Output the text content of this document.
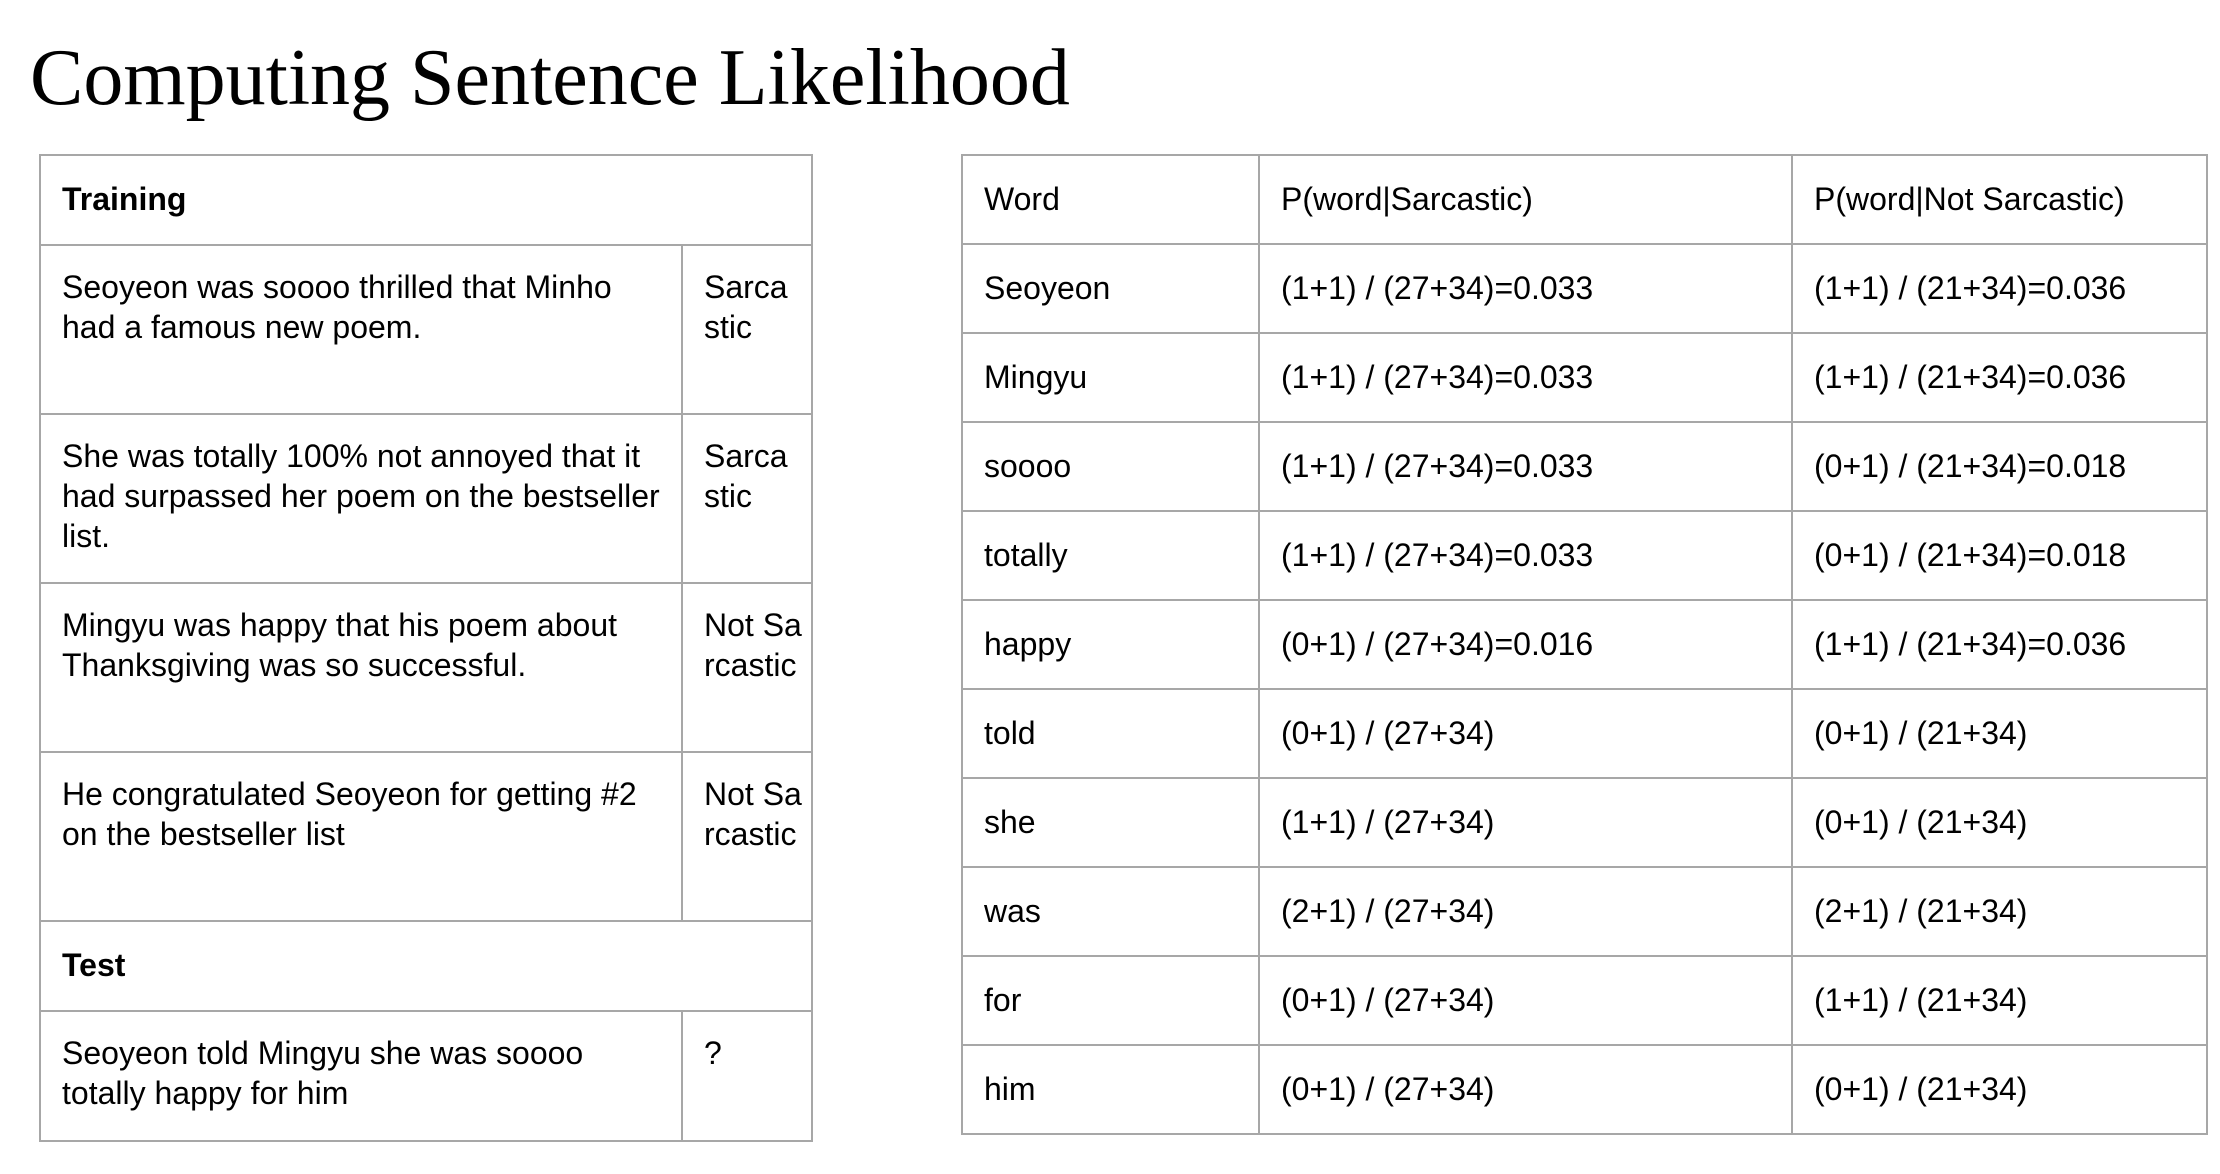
Computing Sentence Likelihood
Training	
Seoyeon was soooo thrilled that Minho had a famous new poem.	Sarcastic
She was totally 100% not annoyed that it had surpassed her poem on the bestseller list.	Sarcastic
Mingyu was happy that his poem about Thanksgiving was so successful.	Not Sarcastic
He congratulated Seoyeon for getting #2 on the bestseller list	Not Sarcastic
Test	
Seoyeon told Mingyu she was soooo totally happy for him	?
Word	P(word|Sarcastic)	P(word|Not Sarcastic)
Seoyeon	(1+1) / (27+34)=0.033	(1+1) / (21+34)=0.036
Mingyu	(1+1) / (27+34)=0.033	(1+1) / (21+34)=0.036
soooo	(1+1) / (27+34)=0.033	(0+1) / (21+34)=0.018
totally	(1+1) / (27+34)=0.033	(0+1) / (21+34)=0.018
happy	(0+1) / (27+34)=0.016	(1+1) / (21+34)=0.036
told	(0+1) / (27+34)	(0+1) / (21+34)
she	(1+1) / (27+34)	(0+1) / (21+34)
was	(2+1) / (27+34)	(2+1) / (21+34)
for	(0+1) / (27+34)	(1+1) / (21+34)
him	(0+1) / (27+34)	(0+1) / (21+34)
